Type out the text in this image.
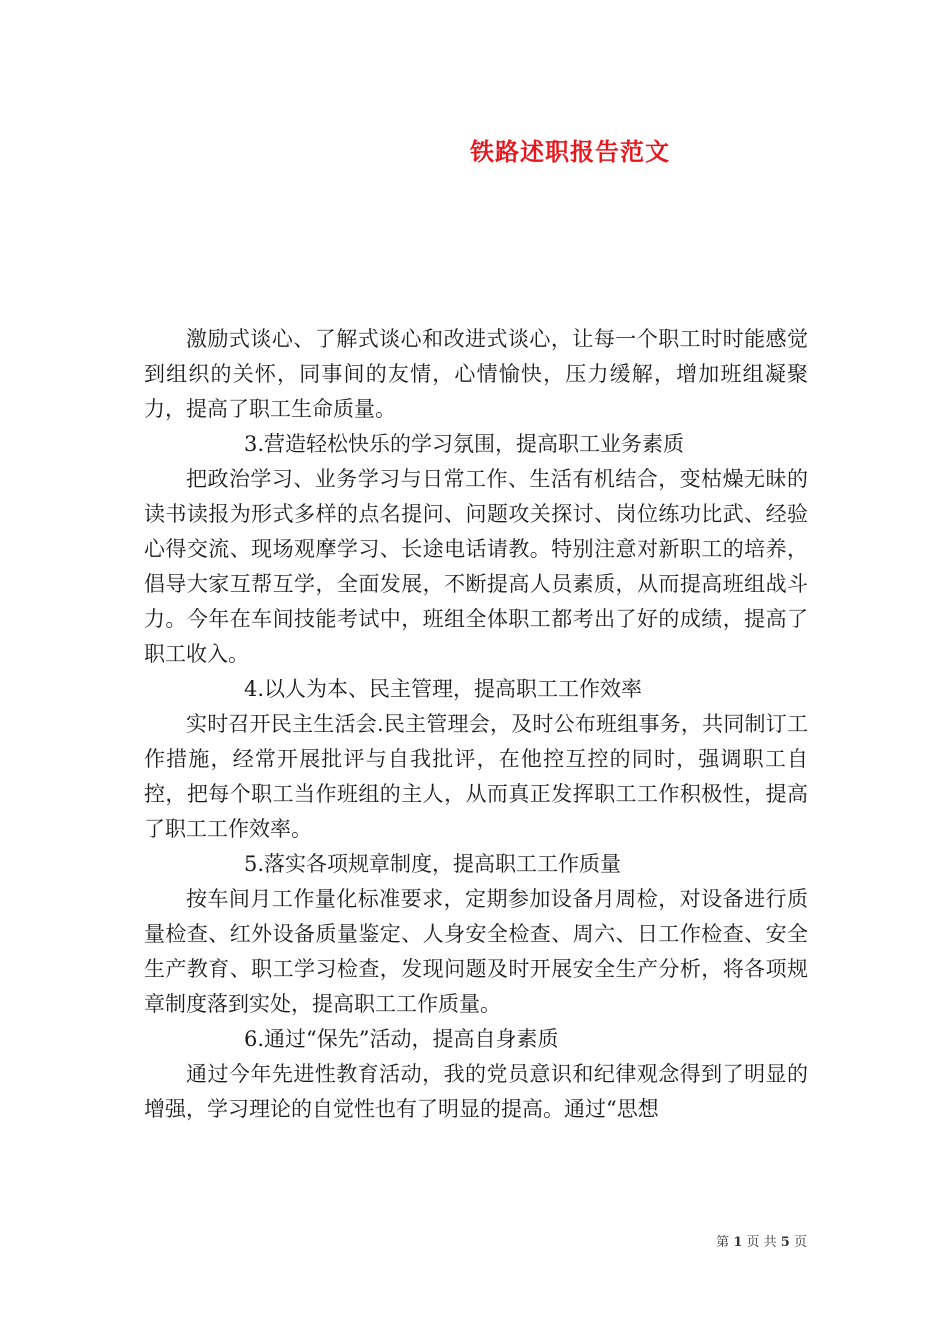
铁路述职报告范文

激励式谈心、了解式谈心和改进式谈心，让每一个职工时时能感觉到组织的关怀，同事间的友情，心情愉快，压力缓解，增加班组凝聚力，提高了职工生命质量。

3.营造轻松快乐的学习氛围，提高职工业务素质

把政治学习、业务学习与日常工作、生活有机结合，变枯燥无昧的读书读报为形式多样的点名提问、问题攻关探讨、岗位练功比武、经验心得交流、现场观摩学习、长途电话请教。特别注意对新职工的培养，倡导大家互帮互学，全面发展，不断提高人员素质，从而提高班组战斗力。今年在车间技能考试中，班组全体职工都考出了好的成绩，提高了职工收入。

4.以人为本、民主管理，提高职工工作效率

实时召开民主生活会.民主管理会，及时公布班组事务，共同制订工作措施，经常开展批评与自我批评，在他控互控的同时，强调职工自控，把每个职工当作班组的主人，从而真正发挥职工工作积极性，提高了职工工作效率。

5.落实各项规章制度，提高职工工作质量

按车间月工作量化标准要求，定期参加设备月周检，对设备进行质量检查、红外设备质量鉴定、人身安全检查、周六、日工作检查、安全生产教育、职工学习检查，发现问题及时开展安全生产分析，将各项规章制度落到实处，提高职工工作质量。

6.通过“保先”活动，提高自身素质

通过今年先进性教育活动，我的党员意识和纪律观念得到了明显的增强，学习理论的自觉性也有了明显的提高。通过“思想

第 1 页 共 5 页
